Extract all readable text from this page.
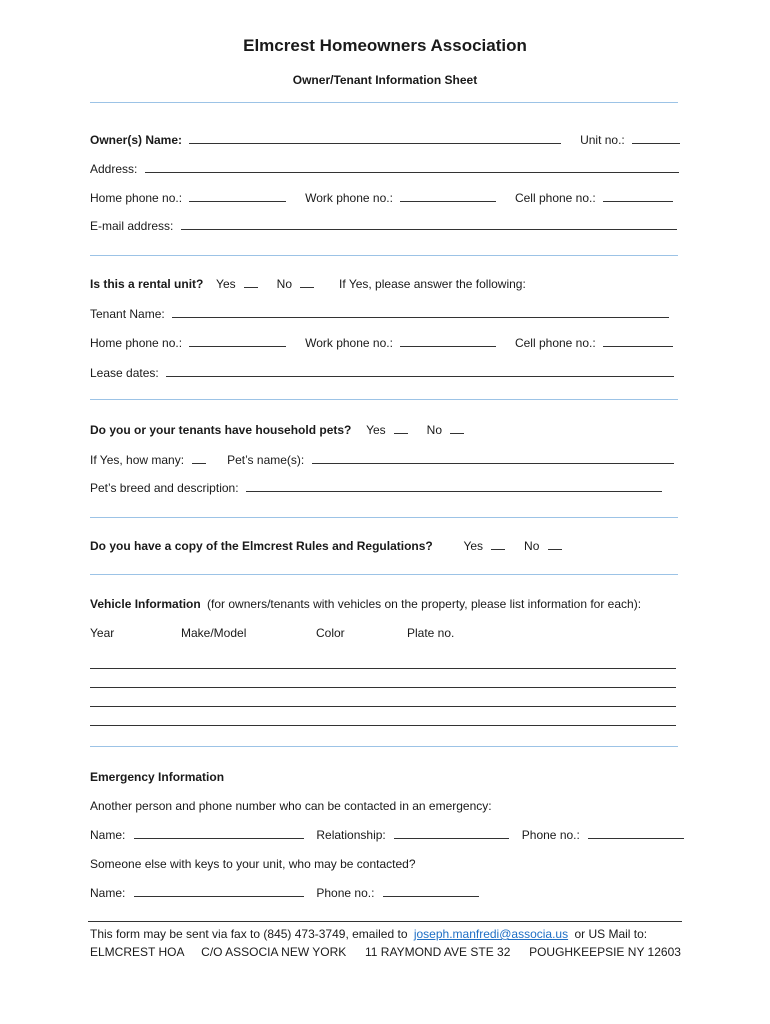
Elmcrest Homeowners Association
Owner/Tenant Information Sheet
Owner(s) Name:	Unit no.:
Address:
Home phone no.:	Work phone no.:	Cell phone no.:
E-mail address:
Is this a rental unit? Yes	No	If Yes, please answer the following:
Tenant Name:
Home phone no.:	Work phone no.:	Cell phone no.:
Lease dates:
Do you or your tenants have household pets? Yes	No
If Yes, how many:	Pet’s name(s):
Pet’s breed and description:
Do you have a copy of the Elmcrest Rules and Regulations?	Yes	No
Vehicle Information (for owners/tenants with vehicles on the property, please list information for each):
Year	Make/Model	Color	Plate no.
Emergency Information
Another person and phone number who can be contacted in an emergency:
Name:	Relationship:	Phone no.:
Someone else with keys to your unit, who may be contacted?
Name:	Phone no.:
This form may be sent via fax to (845) 473-3749, emailed to joseph.manfredi@associa.us or US Mail to:
ELMCREST HOA C/O ASSOCIA NEW YORK 11 RAYMOND AVE STE 32 POUGHKEEPSIE NY 12603
